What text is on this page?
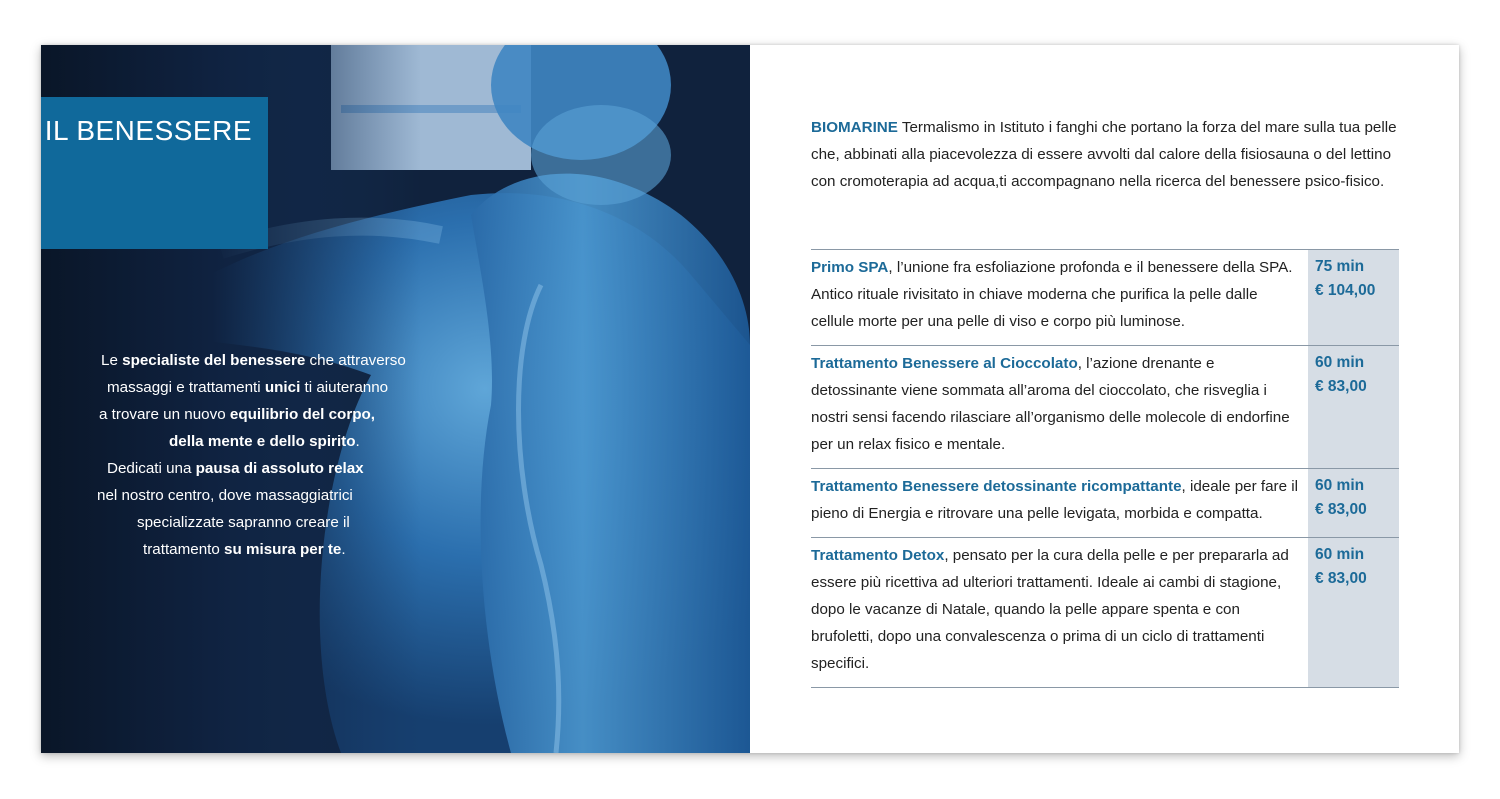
IL BENESSERE
Le specialiste del benessere che attraverso
massaggi e trattamenti unici ti aiuteranno
a trovare un nuovo equilibrio del corpo,
della mente e dello spirito.
Dedicati una pausa di assoluto relax
nel nostro centro, dove massaggiatrici
specializzate sapranno creare il
trattamento su misura per te.

BIOMARINE Termalismo in Istituto i fanghi che portano la forza del mare sulla tua pelle che, abbinati alla piacevolezza di essere avvolti dal calore della fisiosauna o del lettino con cromoterapia ad acqua,ti accompagnano nella ricerca del benessere psico-fisico.

Primo SPA, l’unione fra esfoliazione profonda e il benessere della SPA. Antico rituale rivisitato in chiave moderna che purifica la pelle dalle cellule morte per una pelle di viso e corpo più luminose.	75 min
€ 104,00

Trattamento Benessere al Cioccolato, l’azione drenante e detossinante viene sommata all’aroma del cioccolato, che risveglia i nostri sensi facendo rilasciare all’organismo delle molecole di endorfine per un relax fisico e mentale.	60 min
€ 83,00

Trattamento Benessere detossinante ricompattante, ideale per fare il pieno di Energia e ritrovare una pelle levigata, morbida e compatta.	60 min
€ 83,00

Trattamento Detox, pensato per la cura della pelle e per prepararla ad essere più ricettiva ad ulteriori trattamenti. Ideale ai cambi di stagione, dopo le vacanze di Natale, quando la pelle appare spenta e con brufoletti, dopo una convalescenza o prima di un ciclo di trattamenti specifici.	60 min
€ 83,00
